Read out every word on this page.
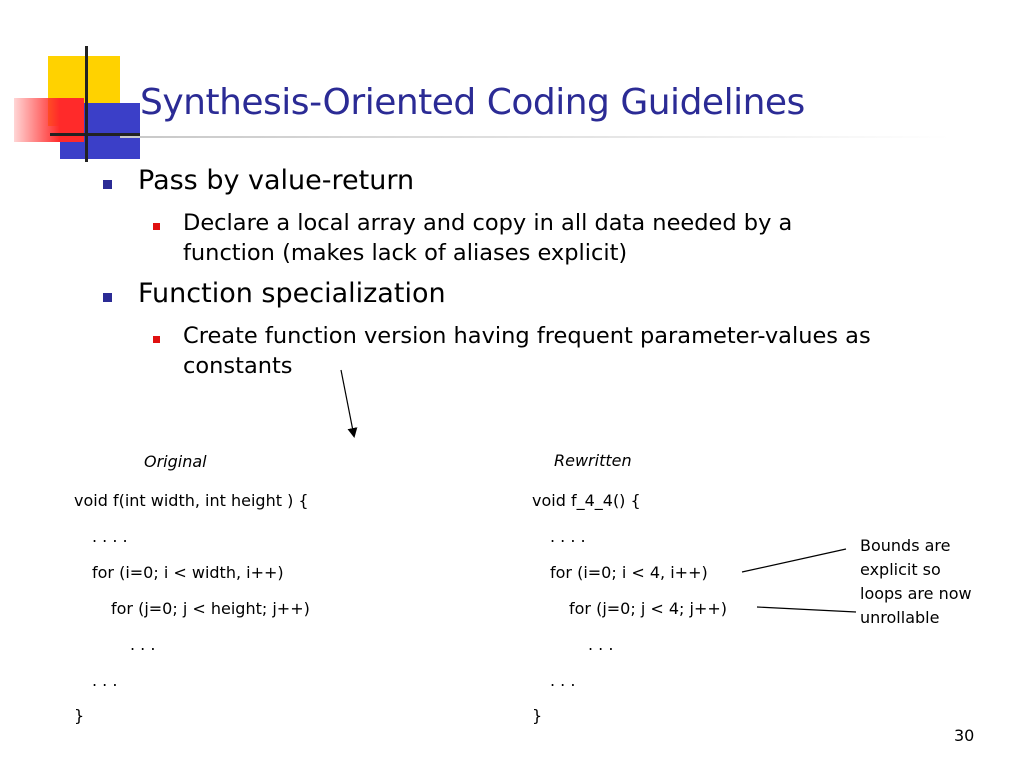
Synthesis-Oriented Coding Guidelines
Pass by value-return
Declare a local array and copy in all data needed by a
function (makes lack of aliases explicit)
Function specialization
Create function version having frequent parameter-values as
constants
Original	Rewritten
void f(int width, int height ) {
. . . .
for (i=0; i < width, i++)
for (j=0; j < height; j++)
. . .
. . .
}
void f_4_4() {
. . . .
for (i=0; i < 4, i++)
for (j=0; j < 4; j++)
. . .
. . .
}
Bounds are
explicit so
loops are now
unrollable
30
